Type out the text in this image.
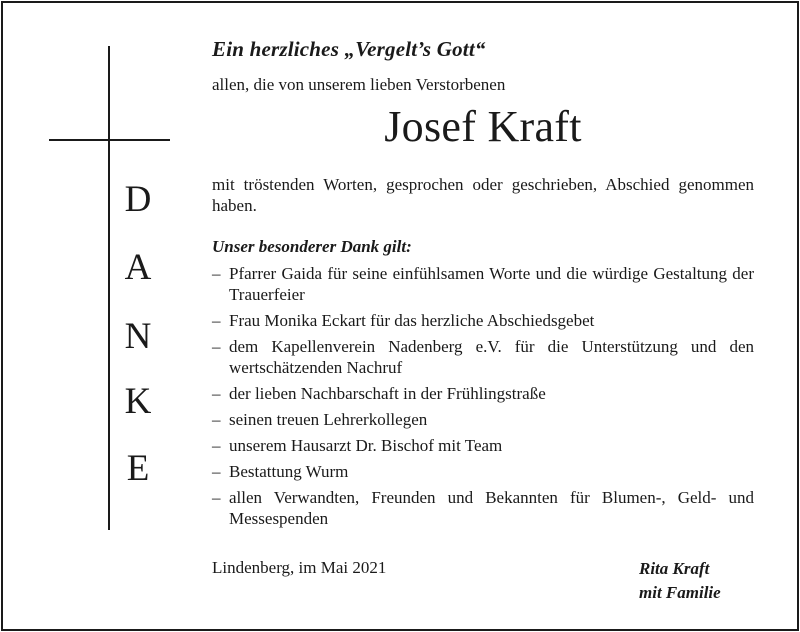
D
A
N
K
E
Ein herzliches „Vergelt’s Gott“
allen, die von unserem lieben Verstorbenen
Josef Kraft
mit tröstenden Worten, gesprochen oder geschrieben, Abschied genommen haben.
Unser besonderer Dank gilt:
– Pfarrer Gaida für seine einfühlsamen Worte und die würdige Gestaltung der Trauerfeier
– Frau Monika Eckart für das herzliche Abschiedsgebet
– dem Kapellenverein Nadenberg e.V. für die Unterstützung und den wertschätzenden Nachruf
– der lieben Nachbarschaft in der Frühlingstraße
– seinen treuen Lehrerkollegen
– unserem Hausarzt Dr. Bischof mit Team
– Bestattung Wurm
– allen Verwandten, Freunden und Bekannten für Blumen-, Geld- und Messespenden
Lindenberg, im Mai 2021	Rita Kraft
mit Familie
